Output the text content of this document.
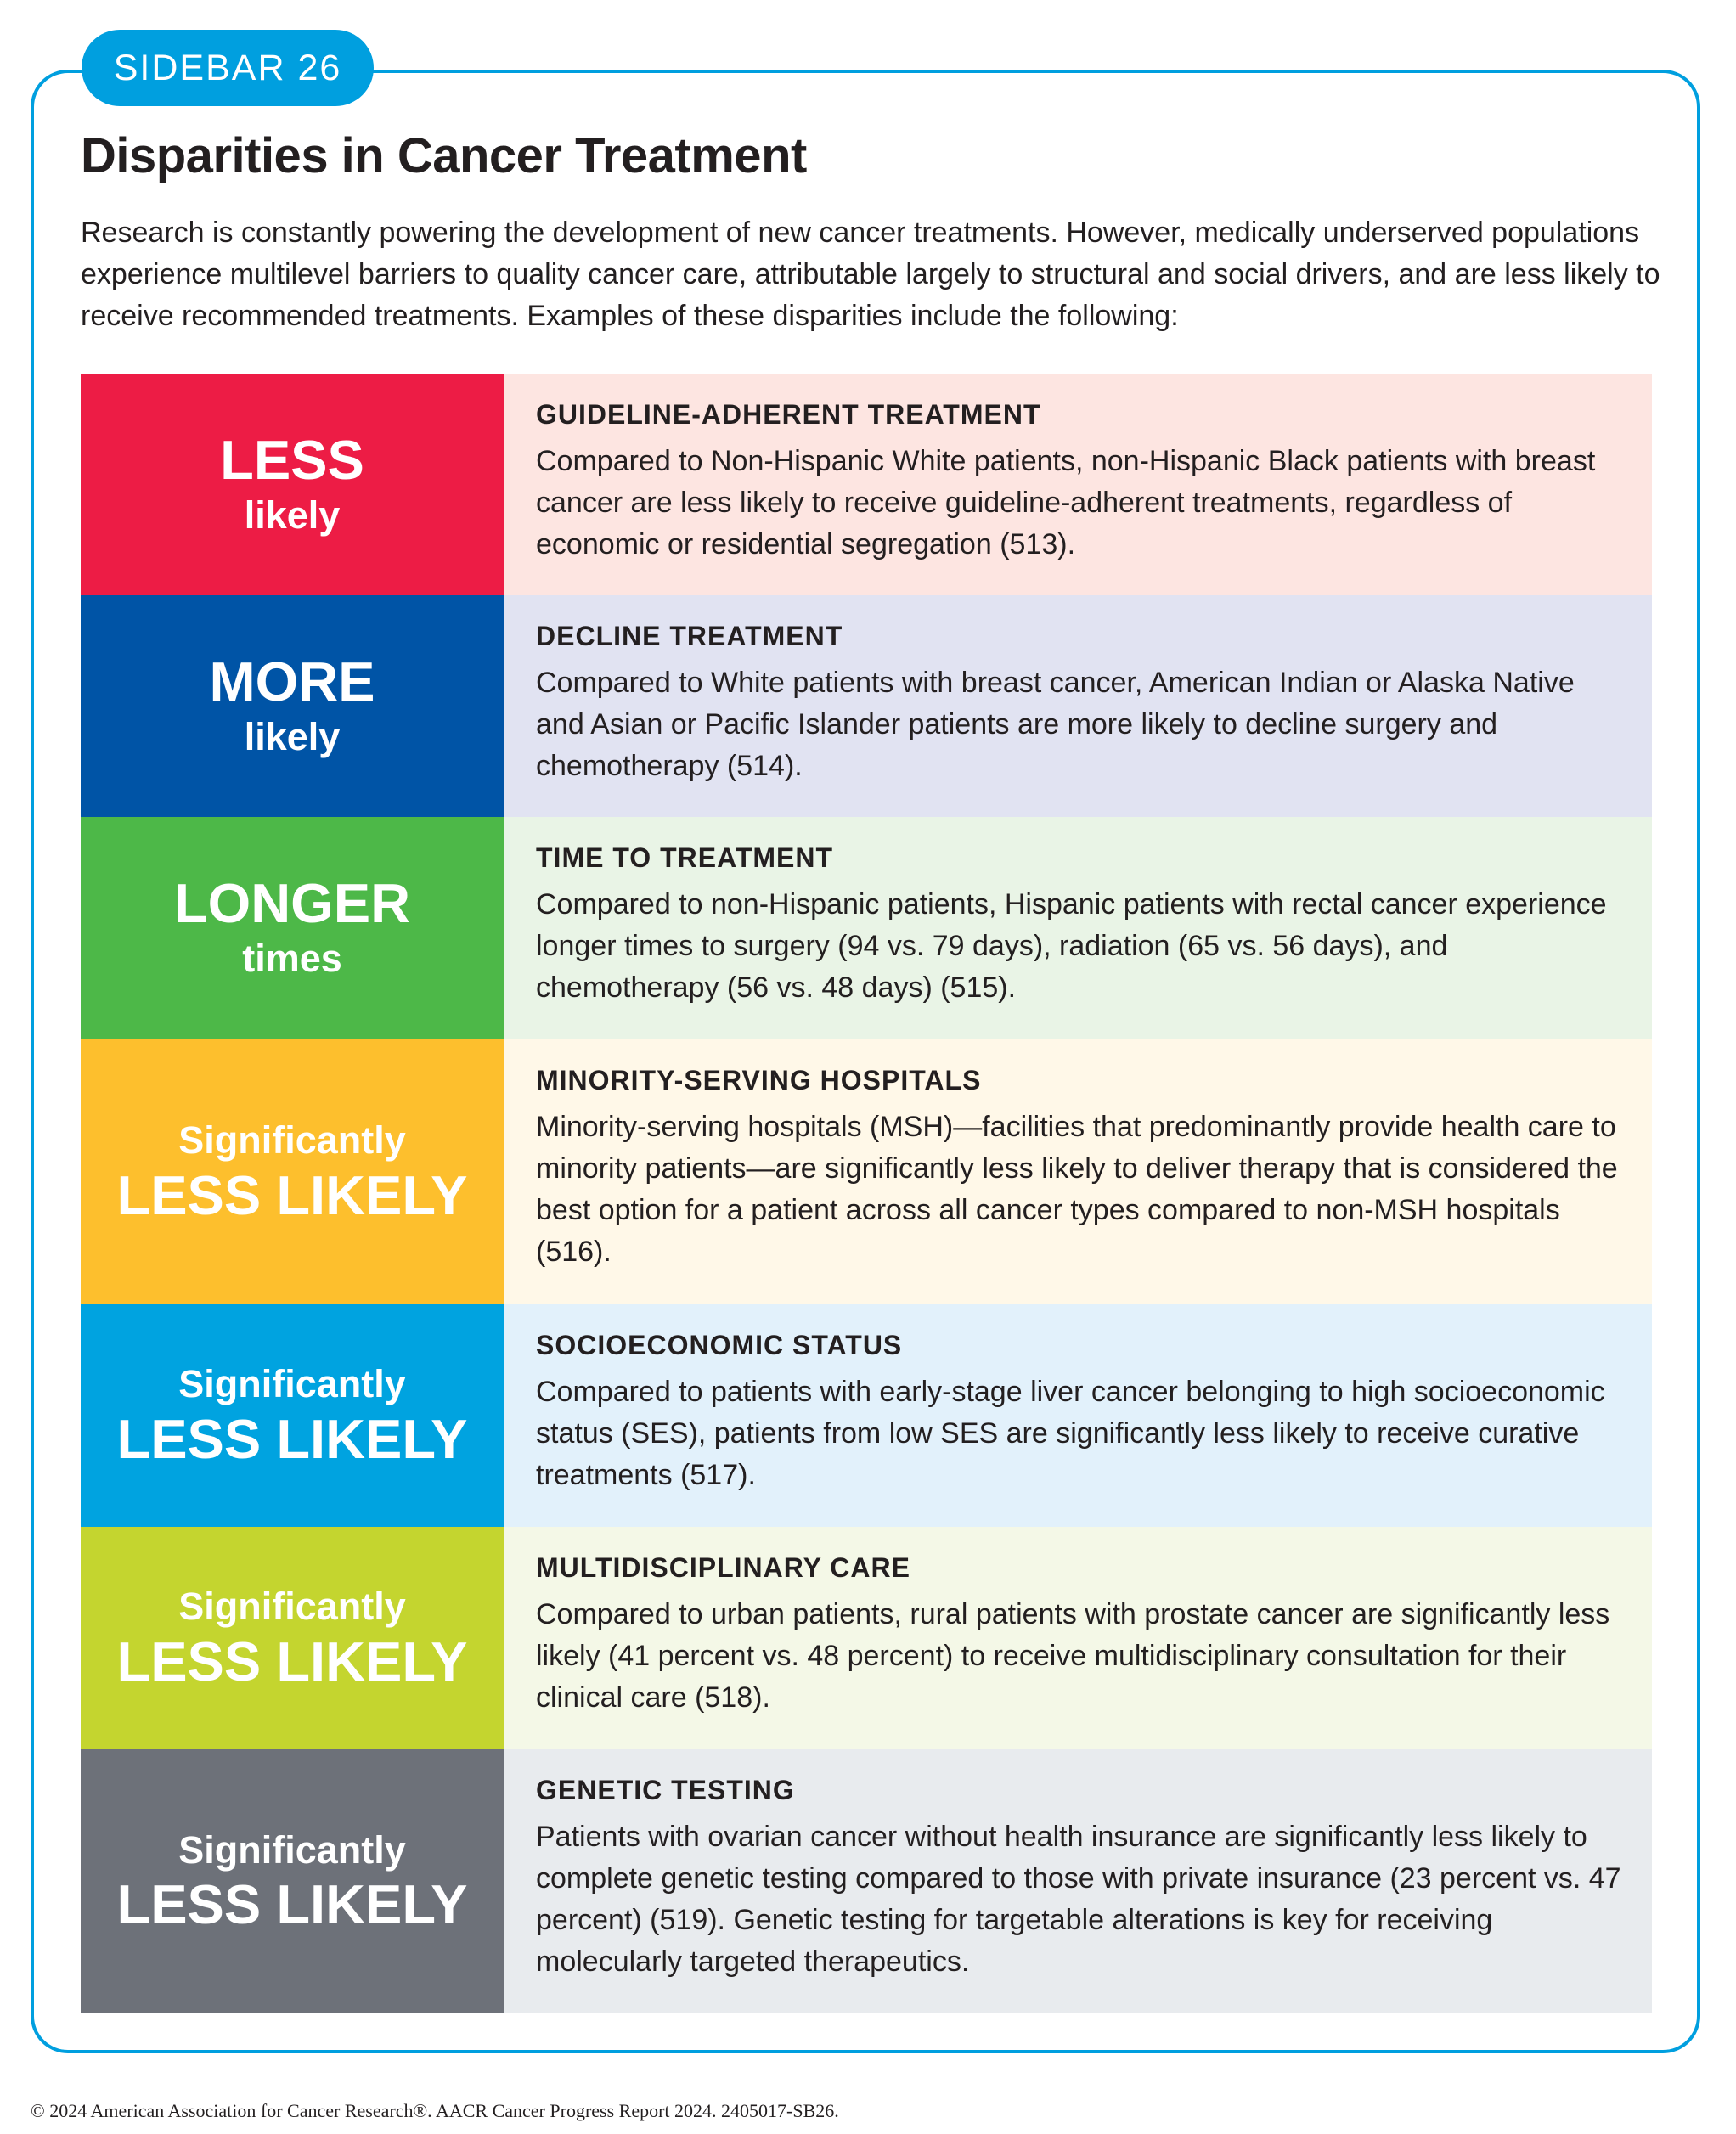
SIDEBAR 26
Disparities in Cancer Treatment

Research is constantly powering the development of new cancer treatments. However, medically underserved populations experience multilevel barriers to quality cancer care, attributable largely to structural and social drivers, and are less likely to receive recommended treatments. Examples of these disparities include the following:

LESS
likely

GUIDELINE-ADHERENT TREATMENT

Compared to Non-Hispanic White patients, non-Hispanic Black patients with breast cancer are less likely to receive guideline-adherent treatments, regardless of economic or residential segregation (513).

MORE
likely

DECLINE TREATMENT

Compared to White patients with breast cancer, American Indian or Alaska Native and Asian or Pacific Islander patients are more likely to decline surgery and chemotherapy (514).

LONGER
times

TIME TO TREATMENT

Compared to non-Hispanic patients, Hispanic patients with rectal cancer experience longer times to surgery (94 vs. 79 days), radiation (65 vs. 56 days), and chemotherapy (56 vs. 48 days) (515).

LESS LIKELY
Significantly

MINORITY-SERVING HOSPITALS

Minority-serving hospitals (MSH)—facilities that predominantly provide health care to minority patients—are significantly less likely to deliver therapy that is considered the best option for a patient across all cancer types compared to non-MSH hospitals (516).

LESS LIKELY
Significantly

SOCIOECONOMIC STATUS

Compared to patients with early-stage liver cancer belonging to high socioeconomic status (SES), patients from low SES are significantly less likely to receive curative treatments (517).

LESS LIKELY
Significantly

MULTIDISCIPLINARY CARE

Compared to urban patients, rural patients with prostate cancer are significantly less likely (41 percent vs. 48 percent) to receive multidisciplinary consultation for their clinical care (518).

LESS LIKELY
Significantly

GENETIC TESTING

Patients with ovarian cancer without health insurance are significantly less likely to complete genetic testing compared to those with private insurance (23 percent vs. 47 percent) (519). Genetic testing for targetable alterations is key for receiving molecularly targeted therapeutics.

© 2024 American Association for Cancer Research®. AACR Cancer Progress Report 2024. 2405017-SB26.
